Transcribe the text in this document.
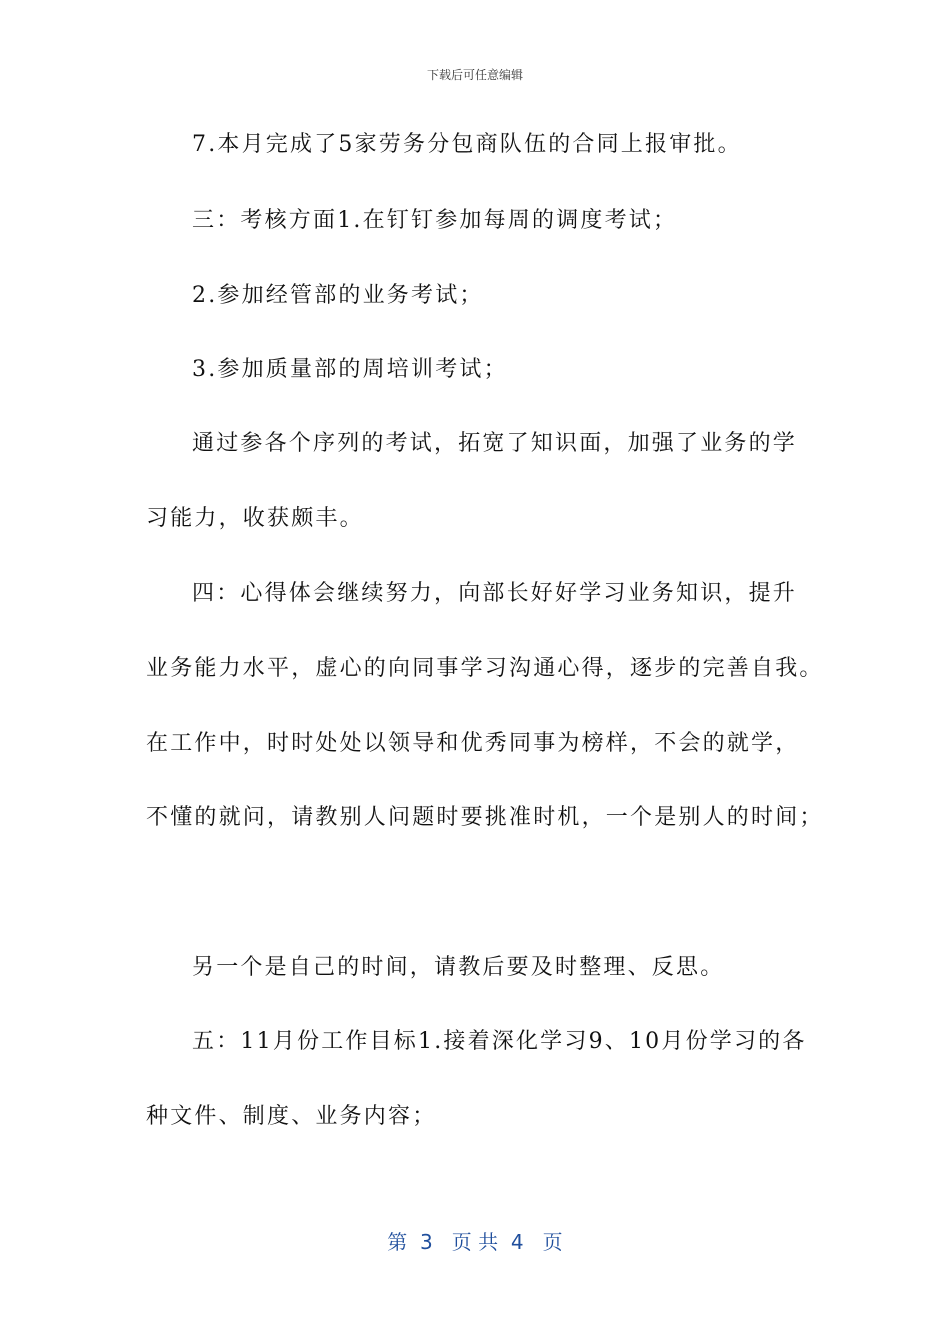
下载后可任意编辑
7.本月完成了5家劳务分包商队伍的合同上报审批。
三：考核方面1.在钉钉参加每周的调度考试；
2.参加经管部的业务考试；
3.参加质量部的周培训考试；
通过参各个序列的考试，拓宽了知识面，加强了业务的学
习能力，收获颇丰。
四：心得体会继续努力，向部长好好学习业务知识，提升
业务能力水平，虚心的向同事学习沟通心得，逐步的完善自我。
在工作中，时时处处以领导和优秀同事为榜样，不会的就学，
不懂的就问，请教别人问题时要挑准时机，一个是别人的时间；
另一个是自己的时间，请教后要及时整理、反思。
五：11月份工作目标1.接着深化学习9、10月份学习的各
种文件、制度、业务内容；
第  3   页 共  4   页
